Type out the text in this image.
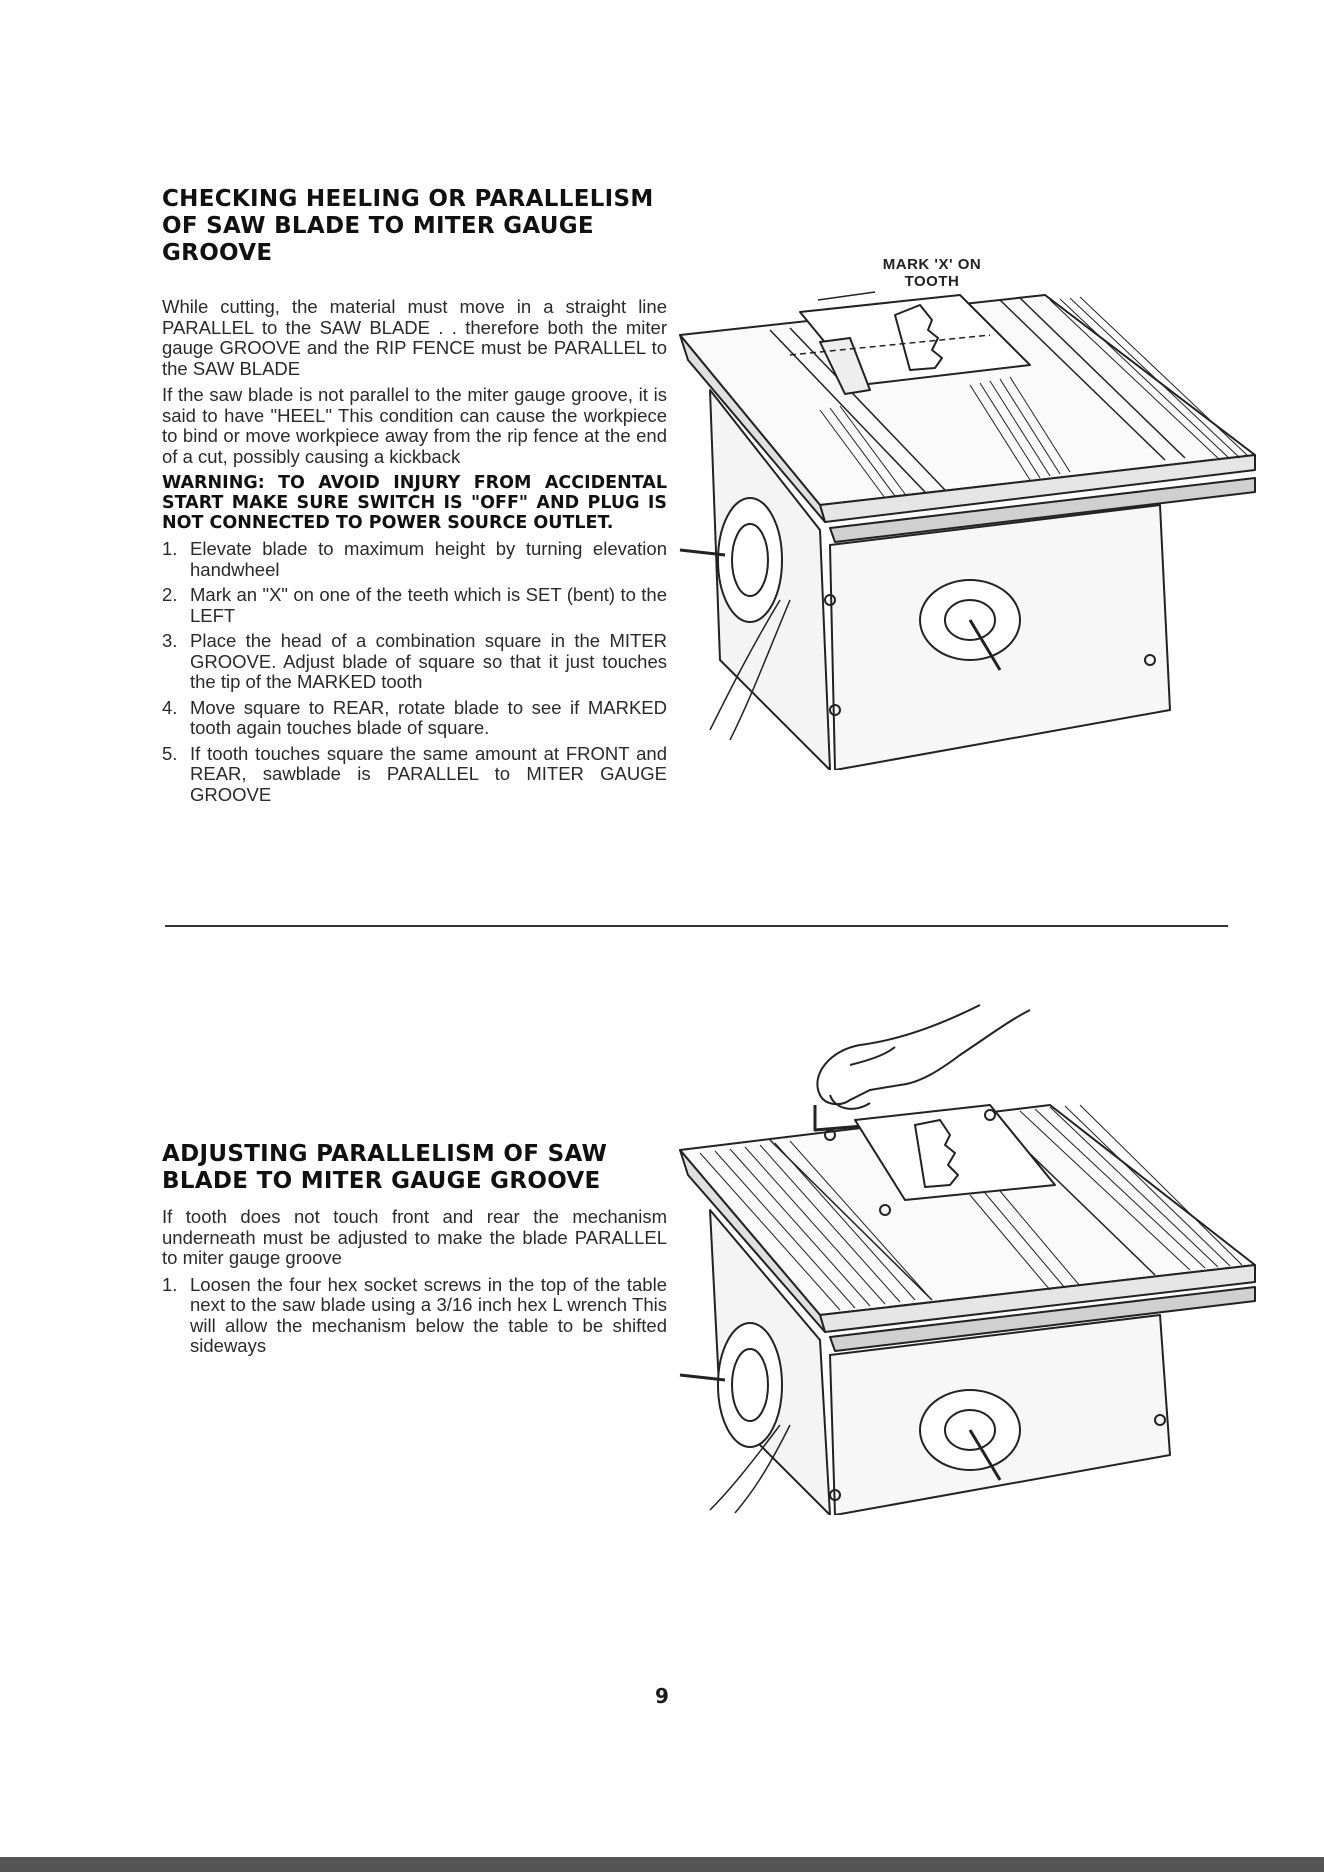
CHECKING HEELING OR PARALLELISM
OF SAW BLADE TO MITER GAUGE
GROOVE

While cutting, the material must move in a straight line PARALLEL to the SAW BLADE . . therefore both the miter gauge GROOVE and the RIP FENCE must be PARALLEL to the SAW BLADE

If the saw blade is not parallel to the miter gauge groove, it is said to have "HEEL" This condition can cause the workpiece to bind or move workpiece away from the rip fence at the end of a cut, possibly causing a kickback

WARNING: TO AVOID INJURY FROM ACCIDENTAL START MAKE SURE SWITCH IS "OFF" AND PLUG IS NOT CONNECTED TO POWER SOURCE OUTLET.

1. Elevate blade to maximum height by turning elevation handwheel
2. Mark an "X" on one of the teeth which is SET (bent) to the LEFT
3. Place the head of a combination square in the MITER GROOVE. Adjust blade of square so that it just touches the tip of the MARKED tooth
4. Move square to REAR, rotate blade to see if MARKED tooth again touches blade of square.
5. If tooth touches square the same amount at FRONT and REAR, sawblade is PARALLEL to MITER GAUGE GROOVE
MARK 'X' ON
TOOTH
ADJUSTING PARALLELISM OF SAW
BLADE TO MITER GAUGE GROOVE

If tooth does not touch front and rear the mechanism underneath must be adjusted to make the blade PARALLEL to miter gauge groove

1. Loosen the four hex socket screws in the top of the table next to the saw blade using a 3/16 inch hex L wrench This will allow the mechanism below the table to be shifted sideways
9
